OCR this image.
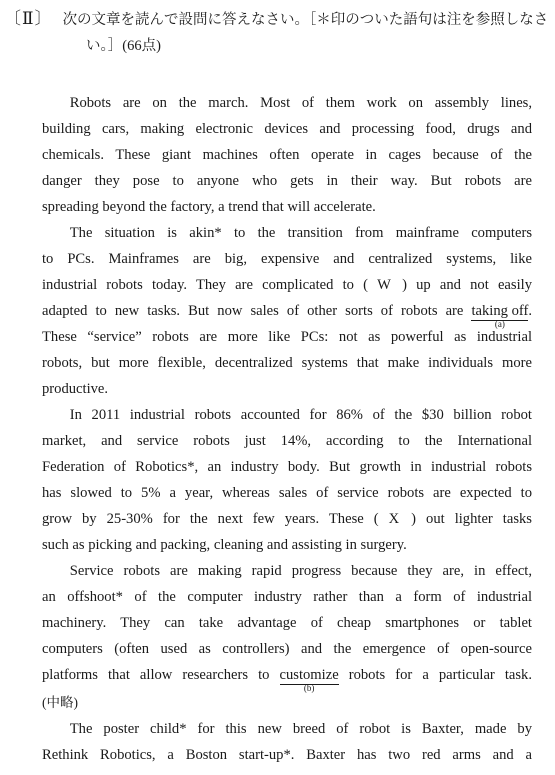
〔Ⅱ〕 次の文章を読んで設問に答えなさい。［＊印のついた語句は注を参照しなさ
い。］(66点)

Robots are on the march. Most of them work on assembly lines,
building cars, making electronic devices and processing food, drugs and
chemicals. These giant machines often operate in cages because of the
danger they pose to anyone who gets in their way. But robots are
spreading beyond the factory, a trend that will accelerate.

The situation is akin* to the transition from mainframe computers
to PCs. Mainframes are big, expensive and centralized systems, like
industrial robots today. They are complicated to ( W ) up and not easily
adapted to new tasks. But now sales of other sorts of robots are taking off
(a)
.
These “service” robots are more like PCs: not as powerful as industrial
robots, but more flexible, decentralized systems that make individuals more
productive.

In 2011 industrial robots accounted for 86% of the $30 billion robot
market, and service robots just 14%, according to the International
Federation of Robotics*, an industry body. But growth in industrial robots
has slowed to 5% a year, whereas sales of service robots are expected to
grow by 25-30% for the next few years. These ( X ) out lighter tasks
such as picking and packing, cleaning and assisting in surgery.

Service robots are making rapid progress because they are, in effect,
an offshoot* of the computer industry rather than a form of industrial
machinery. They can take advantage of cheap smartphones or tablet
computers (often used as controllers) and the emergence of open-source
platforms that allow researchers to customize
(b)
robots for a particular task.
(中略)

The poster child* for this new breed of robot is Baxter, made by
Rethink Robotics, a Boston start-up*. Baxter has two red arms and a
